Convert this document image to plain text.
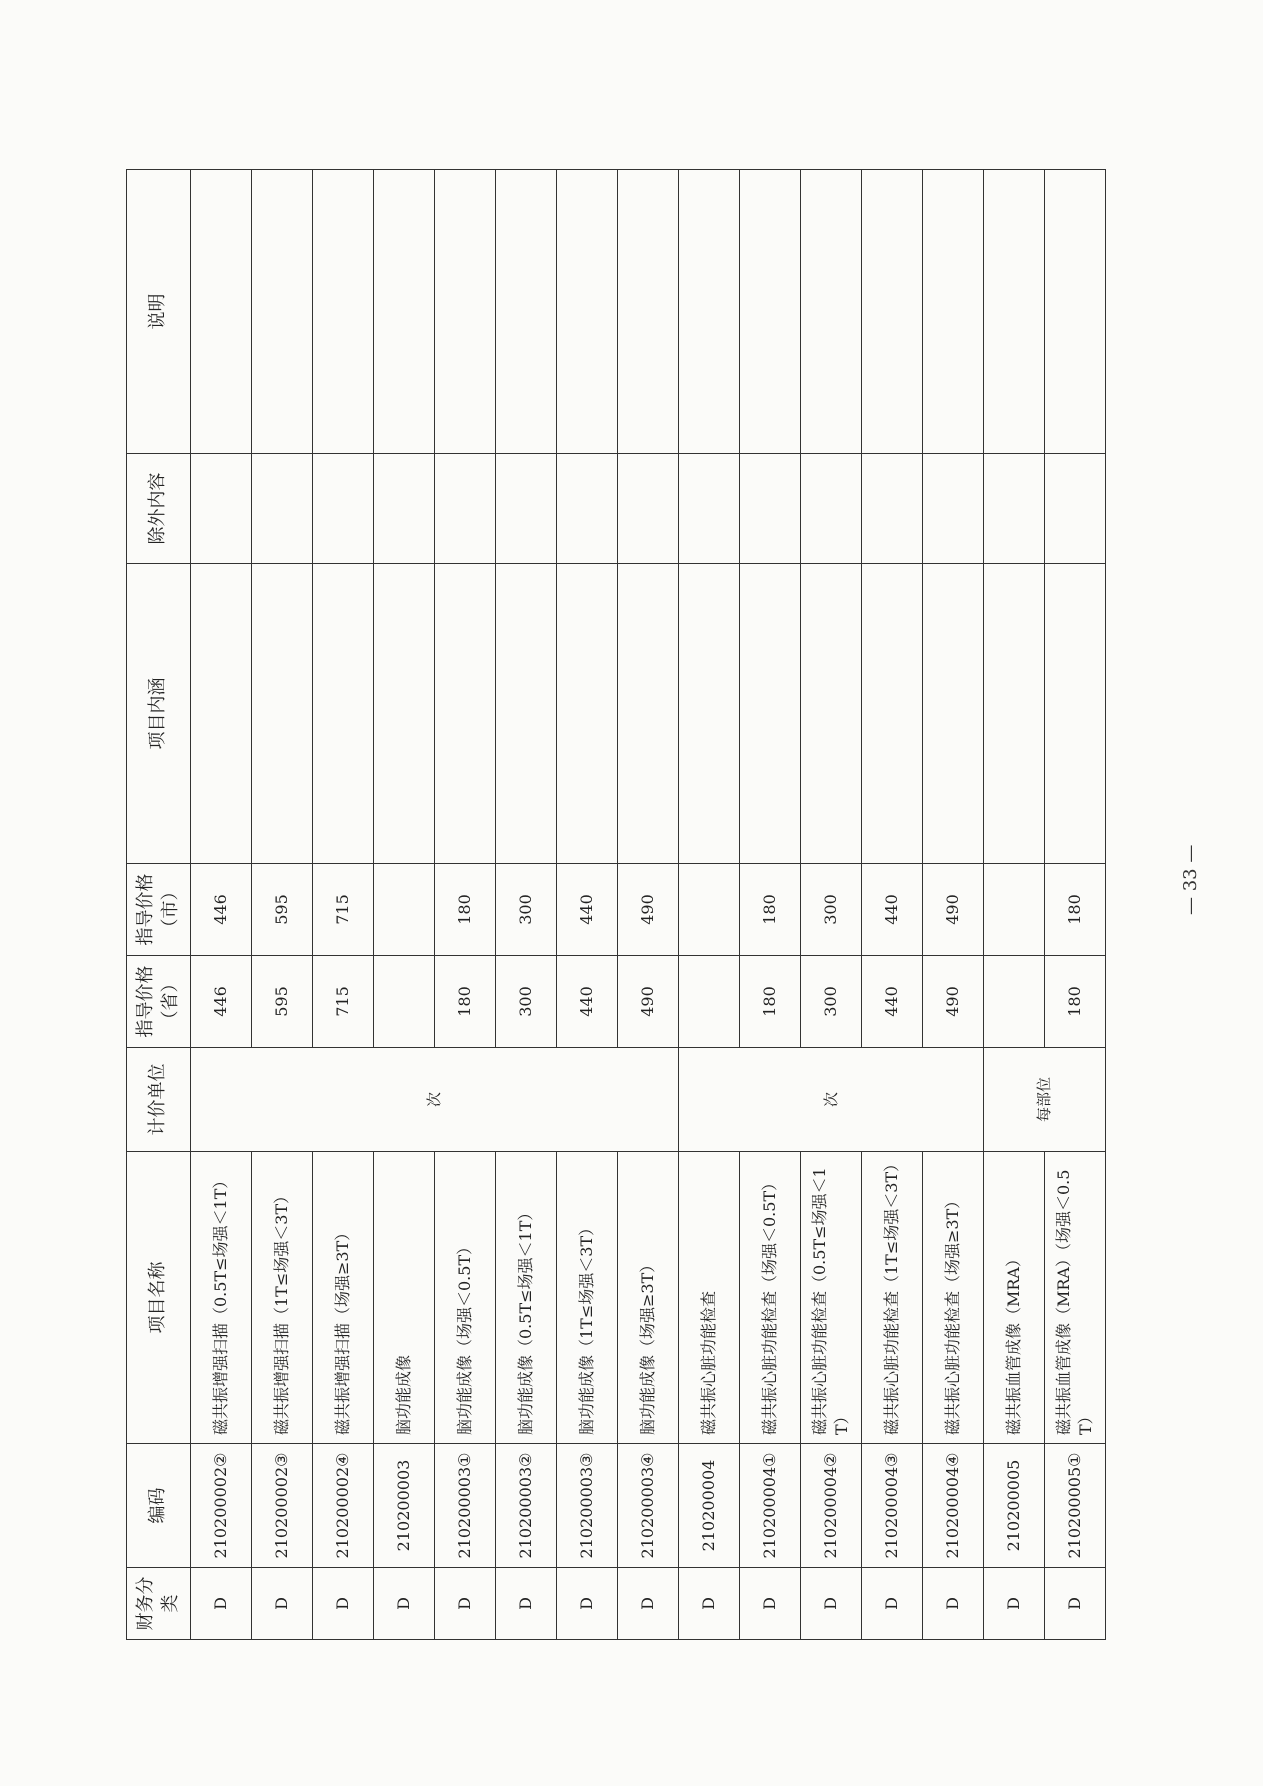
财务分类	编码	项目名称	计价单位	指导价格（省）	指导价格（市）	项目内涵	除外内容	说明
D	210200002②	磁共振增强扫描（0.5T≤场强＜1T）	次	446	446			
D	210200002③	磁共振增强扫描（1T≤场强＜3T）		595	595			
D	210200002④	磁共振增强扫描（场强≥3T）		715	715			
D	210200003	脑功能成像						
D	210200003①	脑功能成像（场强＜0.5T）		180	180			
D	210200003②	脑功能成像（0.5T≤场强＜1T）		300	300			
D	210200003③	脑功能成像（1T≤场强＜3T）		440	440			
D	210200003④	脑功能成像（场强≥3T）		490	490			
D	210200004	磁共振心脏功能检查	次					
D	210200004①	磁共振心脏功能检查（场强＜0.5T）		180	180			
D	210200004②	磁共振心脏功能检查（0.5T≤场强＜1T）		300	300			
D	210200004③	磁共振心脏功能检查（1T≤场强＜3T）		440	440			
D	210200004④	磁共振心脏功能检查（场强≥3T）		490	490			
D	210200005	磁共振血管成像（MRA）	每部位					
D	210200005①	磁共振血管成像（MRA）（场强＜0.5T）		180	180				— 33 —
